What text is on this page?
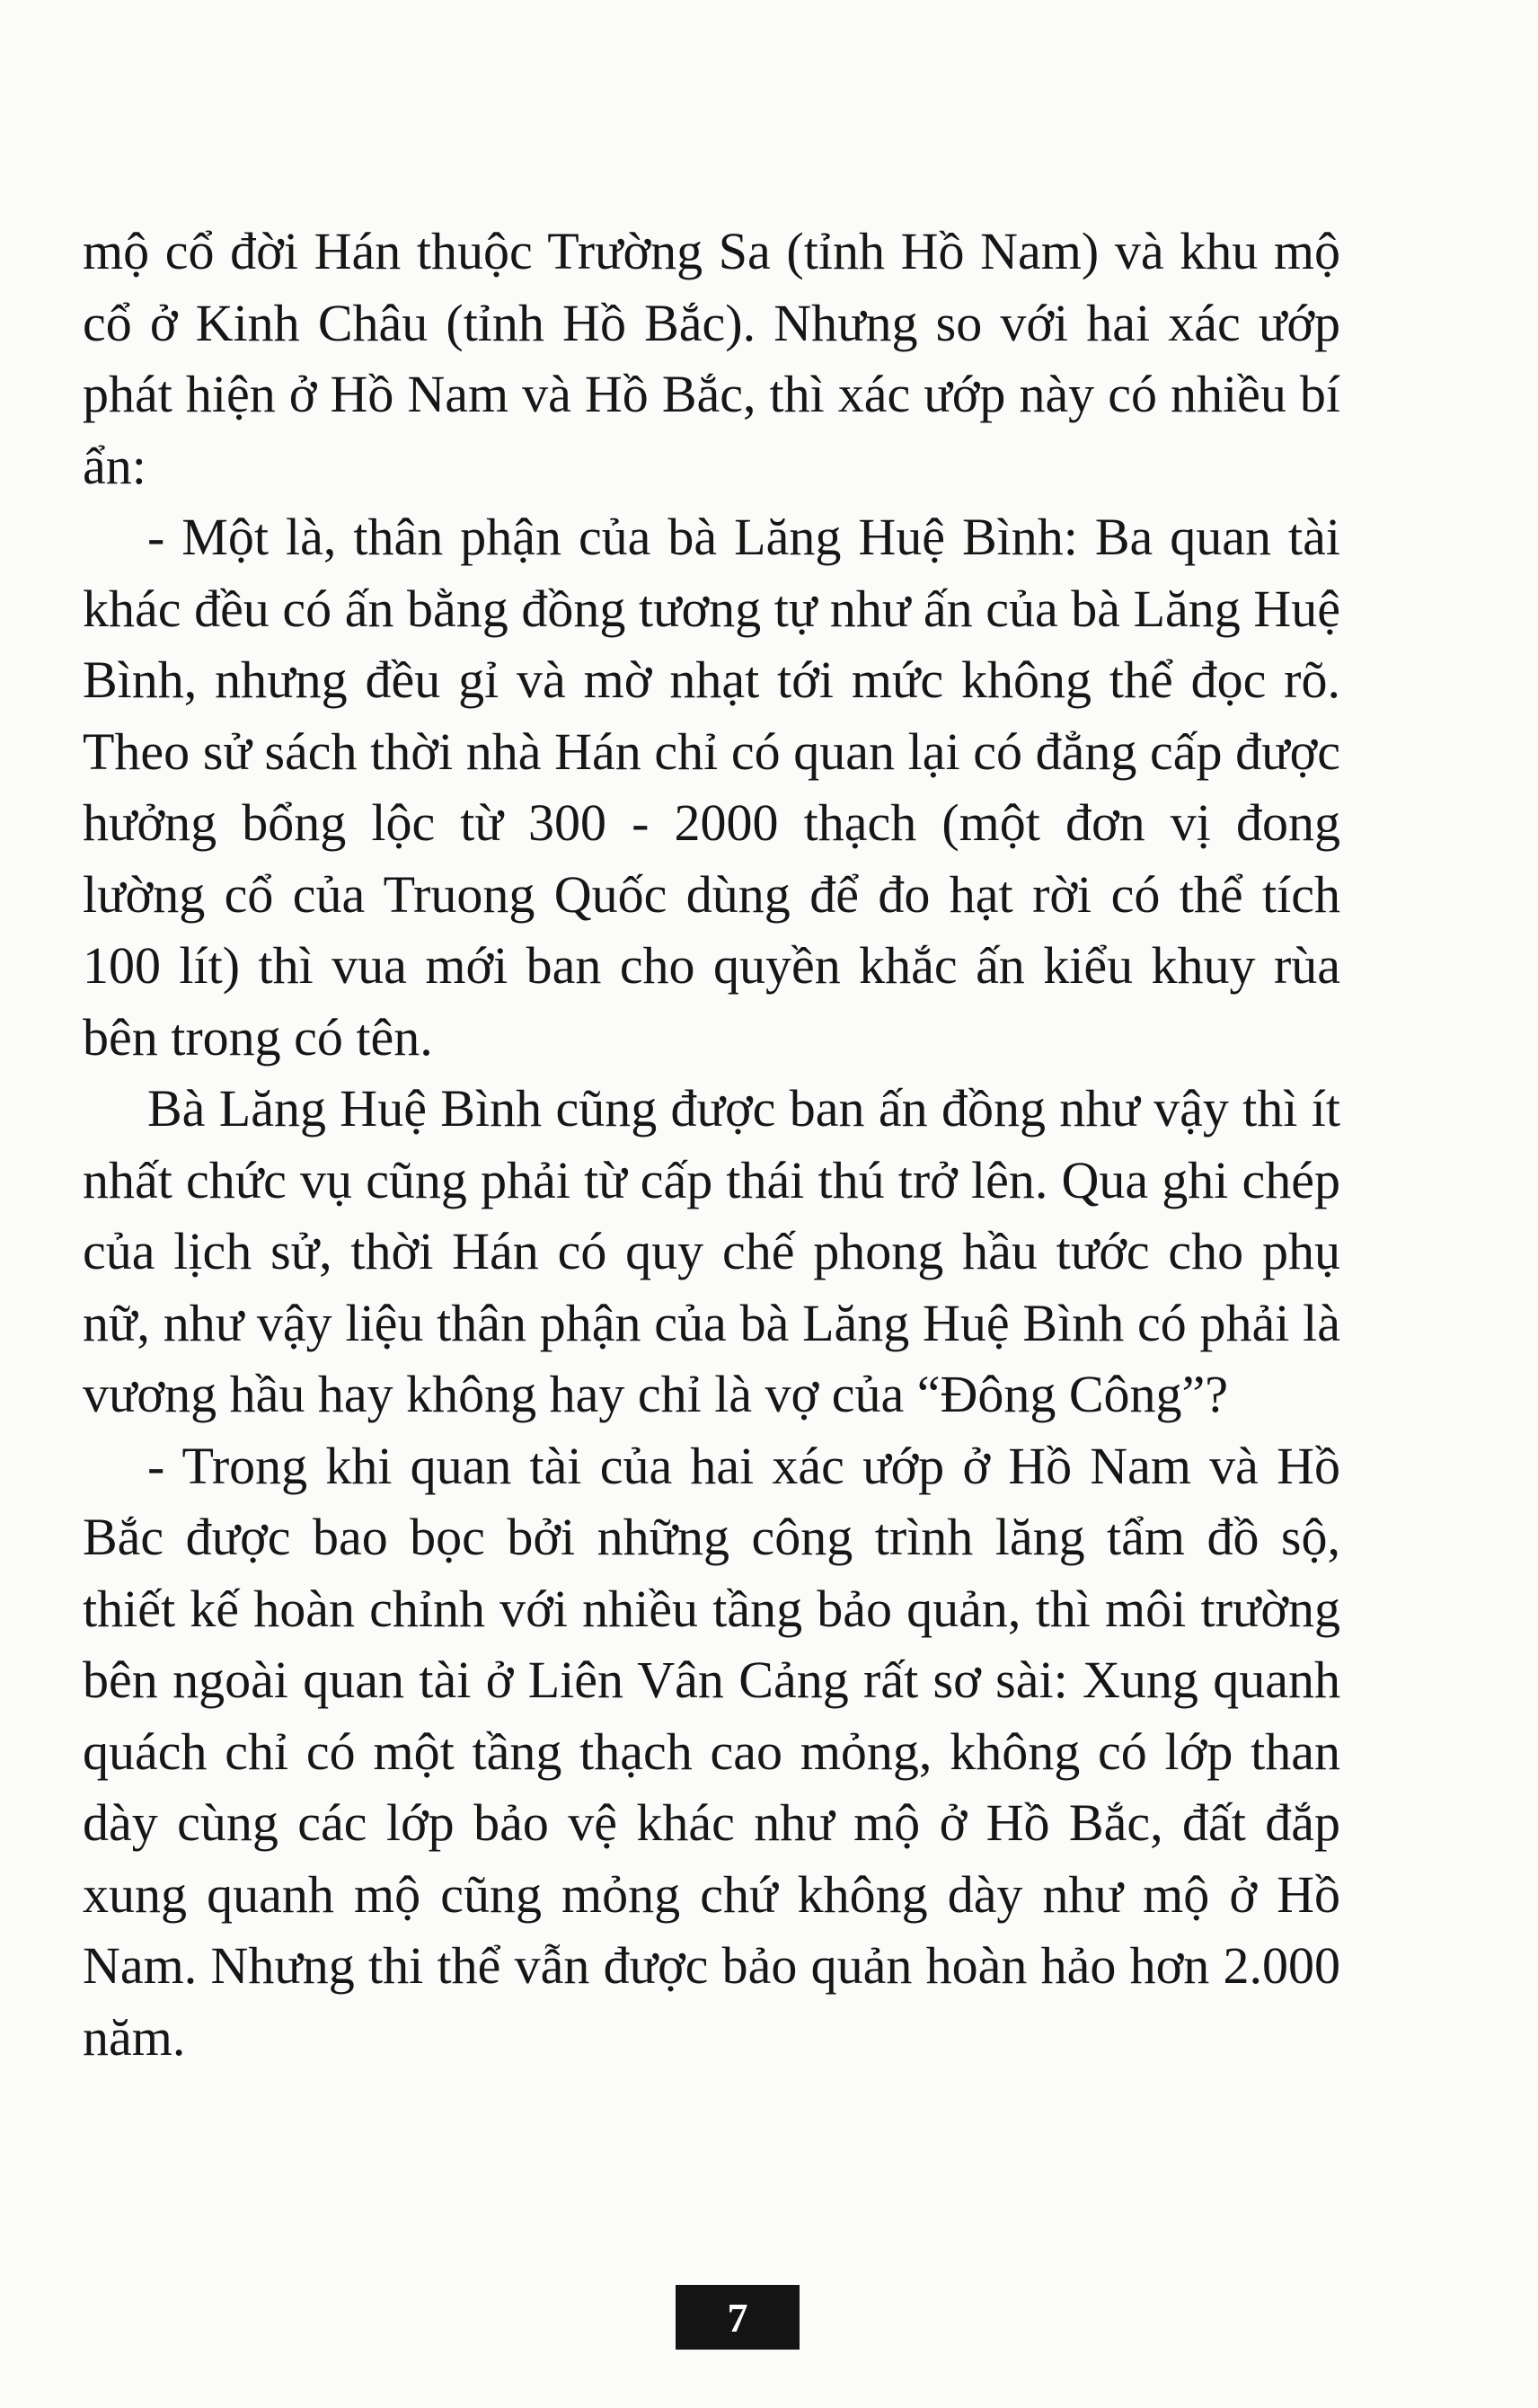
mộ cổ đời Hán thuộc Trường Sa (tỉnh Hồ Nam) và khu mộ cổ ở Kinh Châu (tỉnh Hồ Bắc). Nhưng so với hai xác ướp phát hiện ở Hồ Nam và Hồ Bắc, thì xác ướp này có nhiều bí ẩn:

- Một là, thân phận của bà Lăng Huệ Bình: Ba quan tài khác đều có ấn bằng đồng tương tự như ấn của bà Lăng Huệ Bình, nhưng đều gỉ và mờ nhạt tới mức không thể đọc rõ. Theo sử sách thời nhà Hán chỉ có quan lại có đẳng cấp được hưởng bổng lộc từ 300 - 2000 thạch (một đơn vị đong lường cổ của Truong Quốc dùng để đo hạt rời có thể tích 100 lít) thì vua mới ban cho quyền khắc ấn kiểu khuy rùa bên trong có tên.

Bà Lăng Huệ Bình cũng được ban ấn đồng như vậy thì ít nhất chức vụ cũng phải từ cấp thái thú trở lên. Qua ghi chép của lịch sử, thời Hán có quy chế phong hầu tước cho phụ nữ, như vậy liệu thân phận của bà Lăng Huệ Bình có phải là vương hầu hay không hay chỉ là vợ của “Đông Công”?

- Trong khi quan tài của hai xác ướp ở Hồ Nam và Hồ Bắc được bao bọc bởi những công trình lăng tẩm đồ sộ, thiết kế hoàn chỉnh với nhiều tầng bảo quản, thì môi trường bên ngoài quan tài ở Liên Vân Cảng rất sơ sài: Xung quanh quách chỉ có một tầng thạch cao mỏng, không có lớp than dày cùng các lớp bảo vệ khác như mộ ở Hồ Bắc, đất đắp xung quanh mộ cũng mỏng chứ không dày như mộ ở Hồ Nam. Nhưng thi thể vẫn được bảo quản hoàn hảo hơn 2.000 năm.

7
